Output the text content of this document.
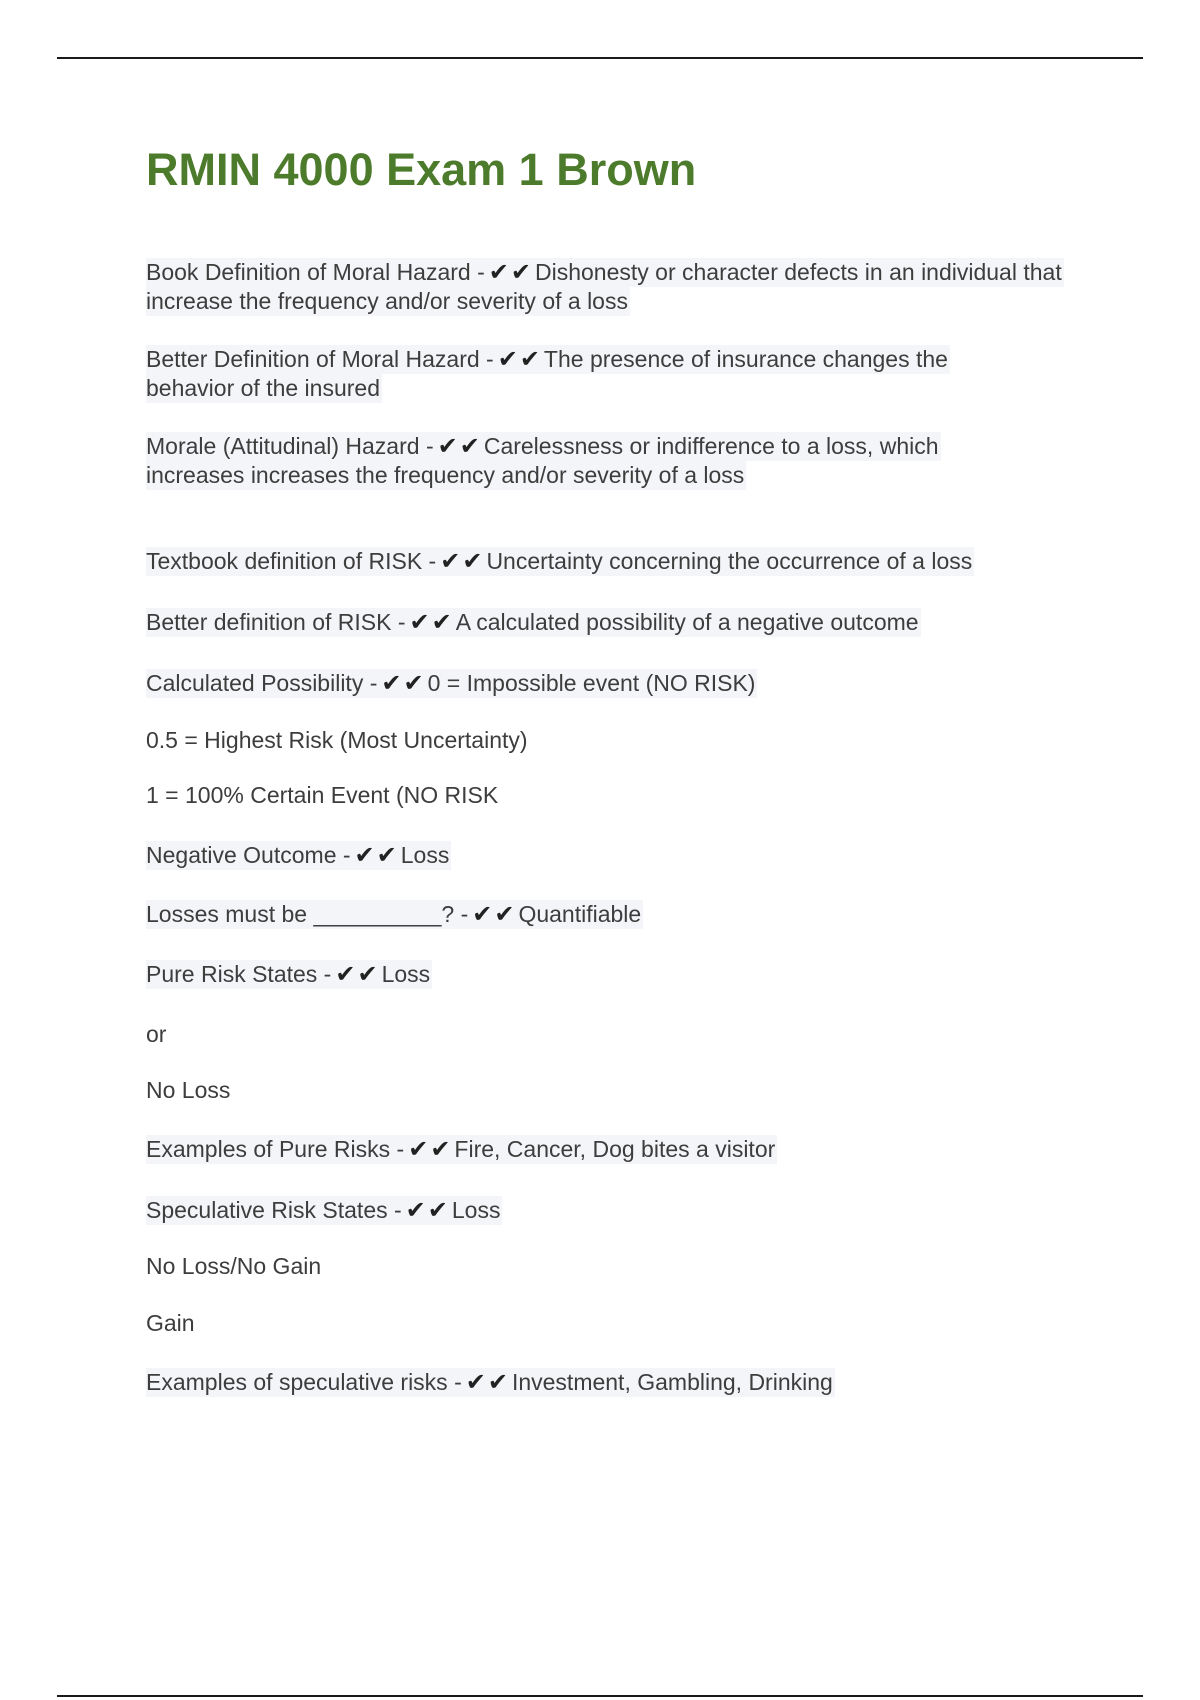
RMIN 4000 Exam 1 Brown
Book Definition of Moral Hazard - ✔✔Dishonesty or character defects in an individual that increase the frequency and/or severity of a loss
Better Definition of Moral Hazard - ✔✔The presence of insurance changes the behavior of the insured
Morale (Attitudinal) Hazard - ✔✔Carelessness or indifference to a loss, which increases increases the frequency and/or severity of a loss
Textbook definition of RISK - ✔✔Uncertainty concerning the occurrence of a loss
Better definition of RISK - ✔✔A calculated possibility of a negative outcome
Calculated Possibility - ✔✔0 = Impossible event (NO RISK)
0.5 = Highest Risk (Most Uncertainty)
1 = 100% Certain Event (NO RISK
Negative Outcome - ✔✔Loss
Losses must be __________? - ✔✔Quantifiable
Pure Risk States - ✔✔Loss
or
No Loss
Examples of Pure Risks - ✔✔Fire, Cancer, Dog bites a visitor
Speculative Risk States - ✔✔Loss
No Loss/No Gain
Gain
Examples of speculative risks - ✔✔Investment, Gambling, Drinking
